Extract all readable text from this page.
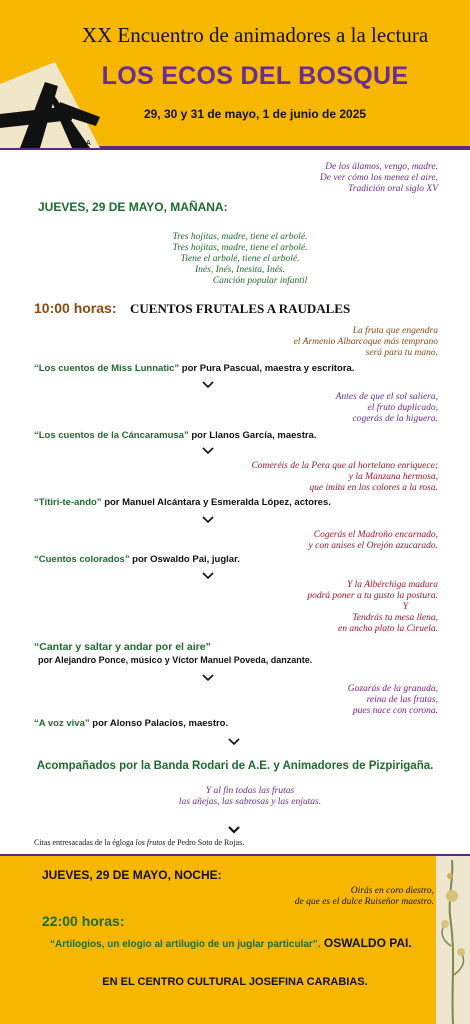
A
XX Encuentro de animadores a la lectura
LOS ECOS DEL BOSQUE
29, 30 y 31 de mayo, 1 de junio de 2025
De los álamos, vengo, madre.
De ver cómo los menea el aire.
Tradición oral siglo XV
JUEVES, 29 DE MAYO, MAÑANA:
Tres hojitas, madre, tiene el arbolé.
Tres hojitas, madre, tiene el arbolé.
Tiene el arbolé, tiene el arbolé.
Inés, Inés, Inesita, Inés.
Canción popular infantil
10:00 horas: CUENTOS FRUTALES A RAUDALES
La fruta que engendra
el Armenio Albarcoque más temprano
será para tu mano.
“Los cuentos de Miss Lunnatic” por Pura Pascual, maestra y escritora.
Antes de que el sol saliera,
el fruto duplicado,
cogerás de la higuera.
“Los cuentos de la Cáncaramusa” por Llanos García, maestra.
Comeréis de la Pera que al hortelano enriquece;
y la Manzana hermosa,
que imita en los colores a la rosa.
“Títiri-te-ando” por Manuel Alcántara y Esmeralda López, actores.
Cogerás el Madroño encarnado,
y con anises el Orejón azucarado.
“Cuentos colorados” por Oswaldo Pai, juglar.
Y la Albérchiga madura
podrá poner a tu gusto la postura.
Y
Tendrás tu mesa llena,
en ancho plato la Ciruela.
“Cantar y saltar y andar por el aire”
por Alejandro Ponce, músico y Víctor Manuel Poveda, danzante.
Gozarás de la granada,
reina de las frutas,
pues nace con corona.
“A voz viva” por Alonso Palacios, maestro.
Acompañados por la Banda Rodari de A.E. y Animadores de Pizpirigaña.
Y al fin todas las frutas
las añejas, las sabrosas y las enjutas.
Citas entresacadas de la égloga los frutos de Pedro Soto de Rojas.
JUEVES, 29 DE MAYO, NOCHE:
Oirás en coro diestro,
de que es el dulce Ruiseñor maestro.
22:00 horas:
“Artilogios, un elogio al artilugio de un juglar particular”. OSWALDO PAI.
EN EL CENTRO CULTURAL JOSEFINA CARABIAS.
